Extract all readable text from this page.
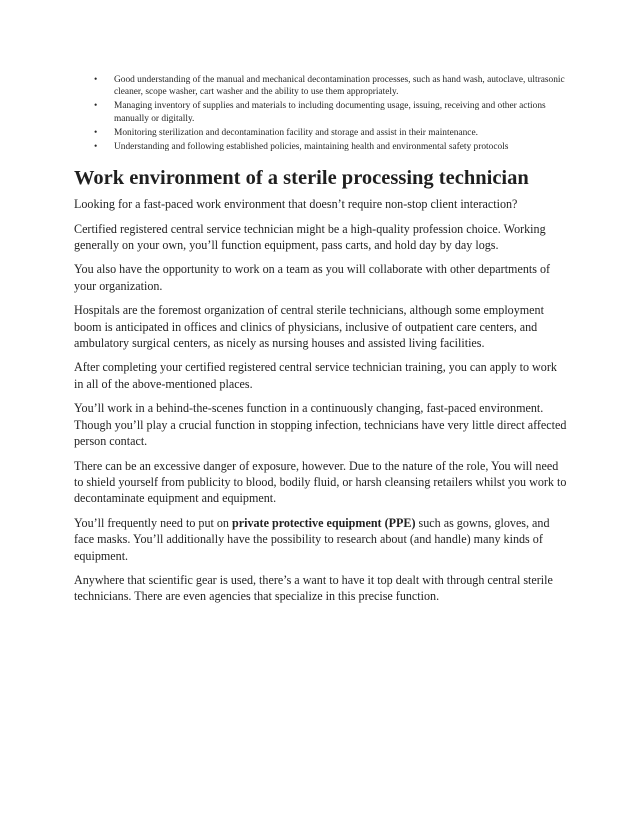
• Good understanding of the manual and mechanical decontamination processes, such as hand wash, autoclave, ultrasonic cleaner, scope washer, cart washer and the ability to use them appropriately.
• Managing inventory of supplies and materials to including documenting usage, issuing, receiving and other actions manually or digitally.
• Monitoring sterilization and decontamination facility and storage and assist in their maintenance.
• Understanding and following established policies, maintaining health and environmental safety protocols
Work environment of a sterile processing technician

Looking for a fast-paced work environment that doesn’t require non-stop client interaction?

Certified registered central service technician might be a high-quality profession choice. Working generally on your own, you’ll function equipment, pass carts, and hold day by day logs.

You also have the opportunity to work on a team as you will collaborate with other departments of your organization.

Hospitals are the foremost organization of central sterile technicians, although some employment boom is anticipated in offices and clinics of physicians, inclusive of outpatient care centers, and ambulatory surgical centers, as nicely as nursing houses and assisted living facilities.

After completing your certified registered central service technician training, you can apply to work in all of the above-mentioned places.

You’ll work in a behind-the-scenes function in a continuously changing, fast-paced environment. Though you’ll play a crucial function in stopping infection, technicians have very little direct affected person contact.

There can be an excessive danger of exposure, however. Due to the nature of the role, You will need to shield yourself from publicity to blood, bodily fluid, or harsh cleansing retailers whilst you work to decontaminate equipment and equipment.

You’ll frequently need to put on private protective equipment (PPE) such as gowns, gloves, and face masks. You’ll additionally have the possibility to research about (and handle) many kinds of equipment.

Anywhere that scientific gear is used, there’s a want to have it top dealt with through central sterile technicians. There are even agencies that specialize in this precise function.
